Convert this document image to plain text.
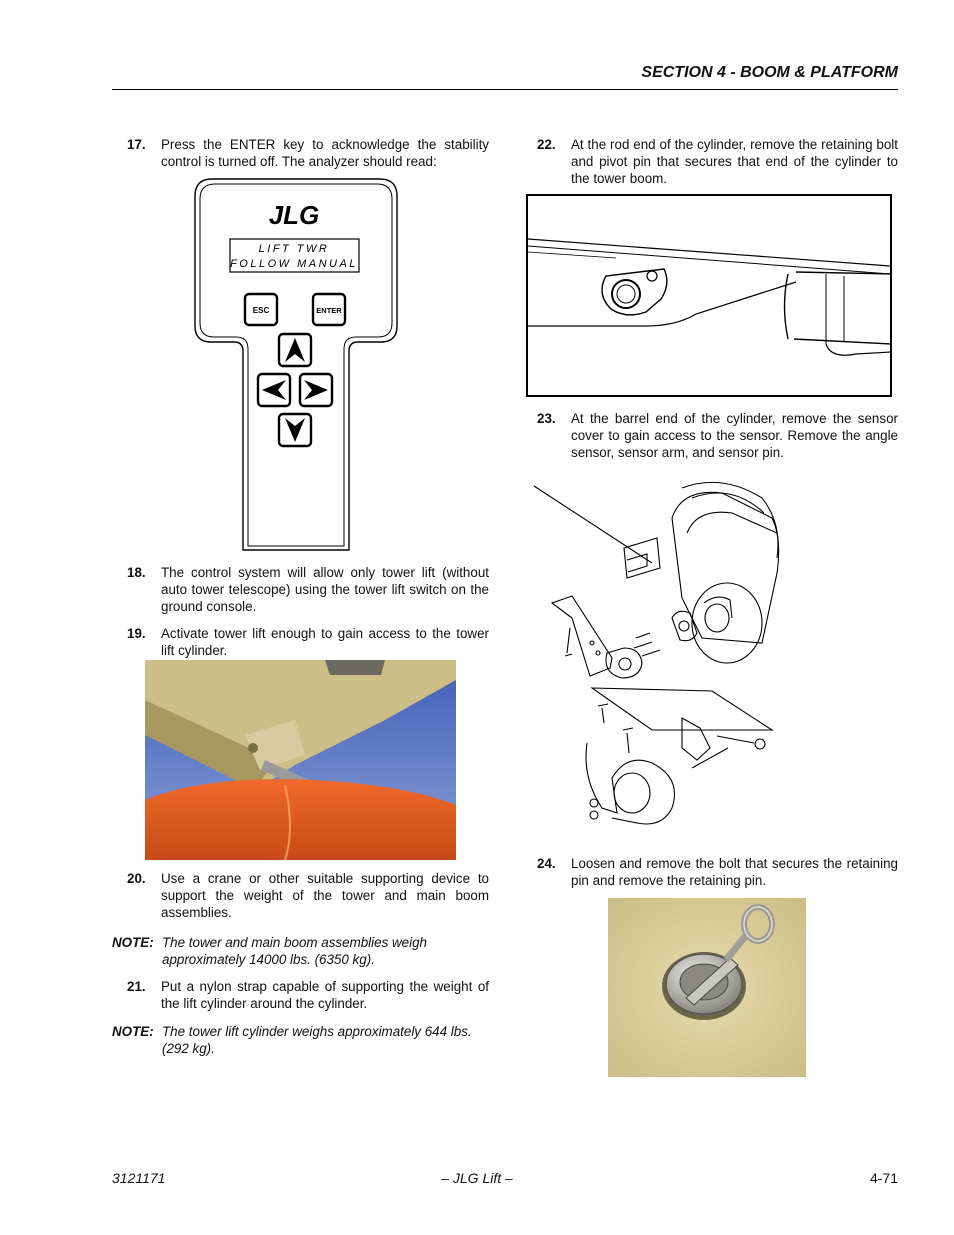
SECTION 4 - BOOM & PLATFORM
17. Press the ENTER key to acknowledge the stability control is turned off. The analyzer should read:
JLG
LIFT TWR
FOLLOW MANUAL
ESC	ENTER
18. The control system will allow only tower lift (without auto tower telescope) using the tower lift switch on the ground console.
19. Activate tower lift enough to gain access to the tower lift cylinder.
20. Use a crane or other suitable supporting device to support the weight of the tower and main boom assemblies.
NOTE: The tower and main boom assemblies weigh approximately 14000 lbs. (6350 kg).
21. Put a nylon strap capable of supporting the weight of the lift cylinder around the cylinder.
NOTE: The tower lift cylinder weighs approximately 644 lbs. (292 kg).
22. At the rod end of the cylinder, remove the retaining bolt and pivot pin that secures that end of the cylinder to the tower boom.
23. At the barrel end of the cylinder, remove the sensor cover to gain access to the sensor. Remove the angle sensor, sensor arm, and sensor pin.
24. Loosen and remove the bolt that secures the retaining pin and remove the retaining pin.
3121171	– JLG Lift –	4-71
